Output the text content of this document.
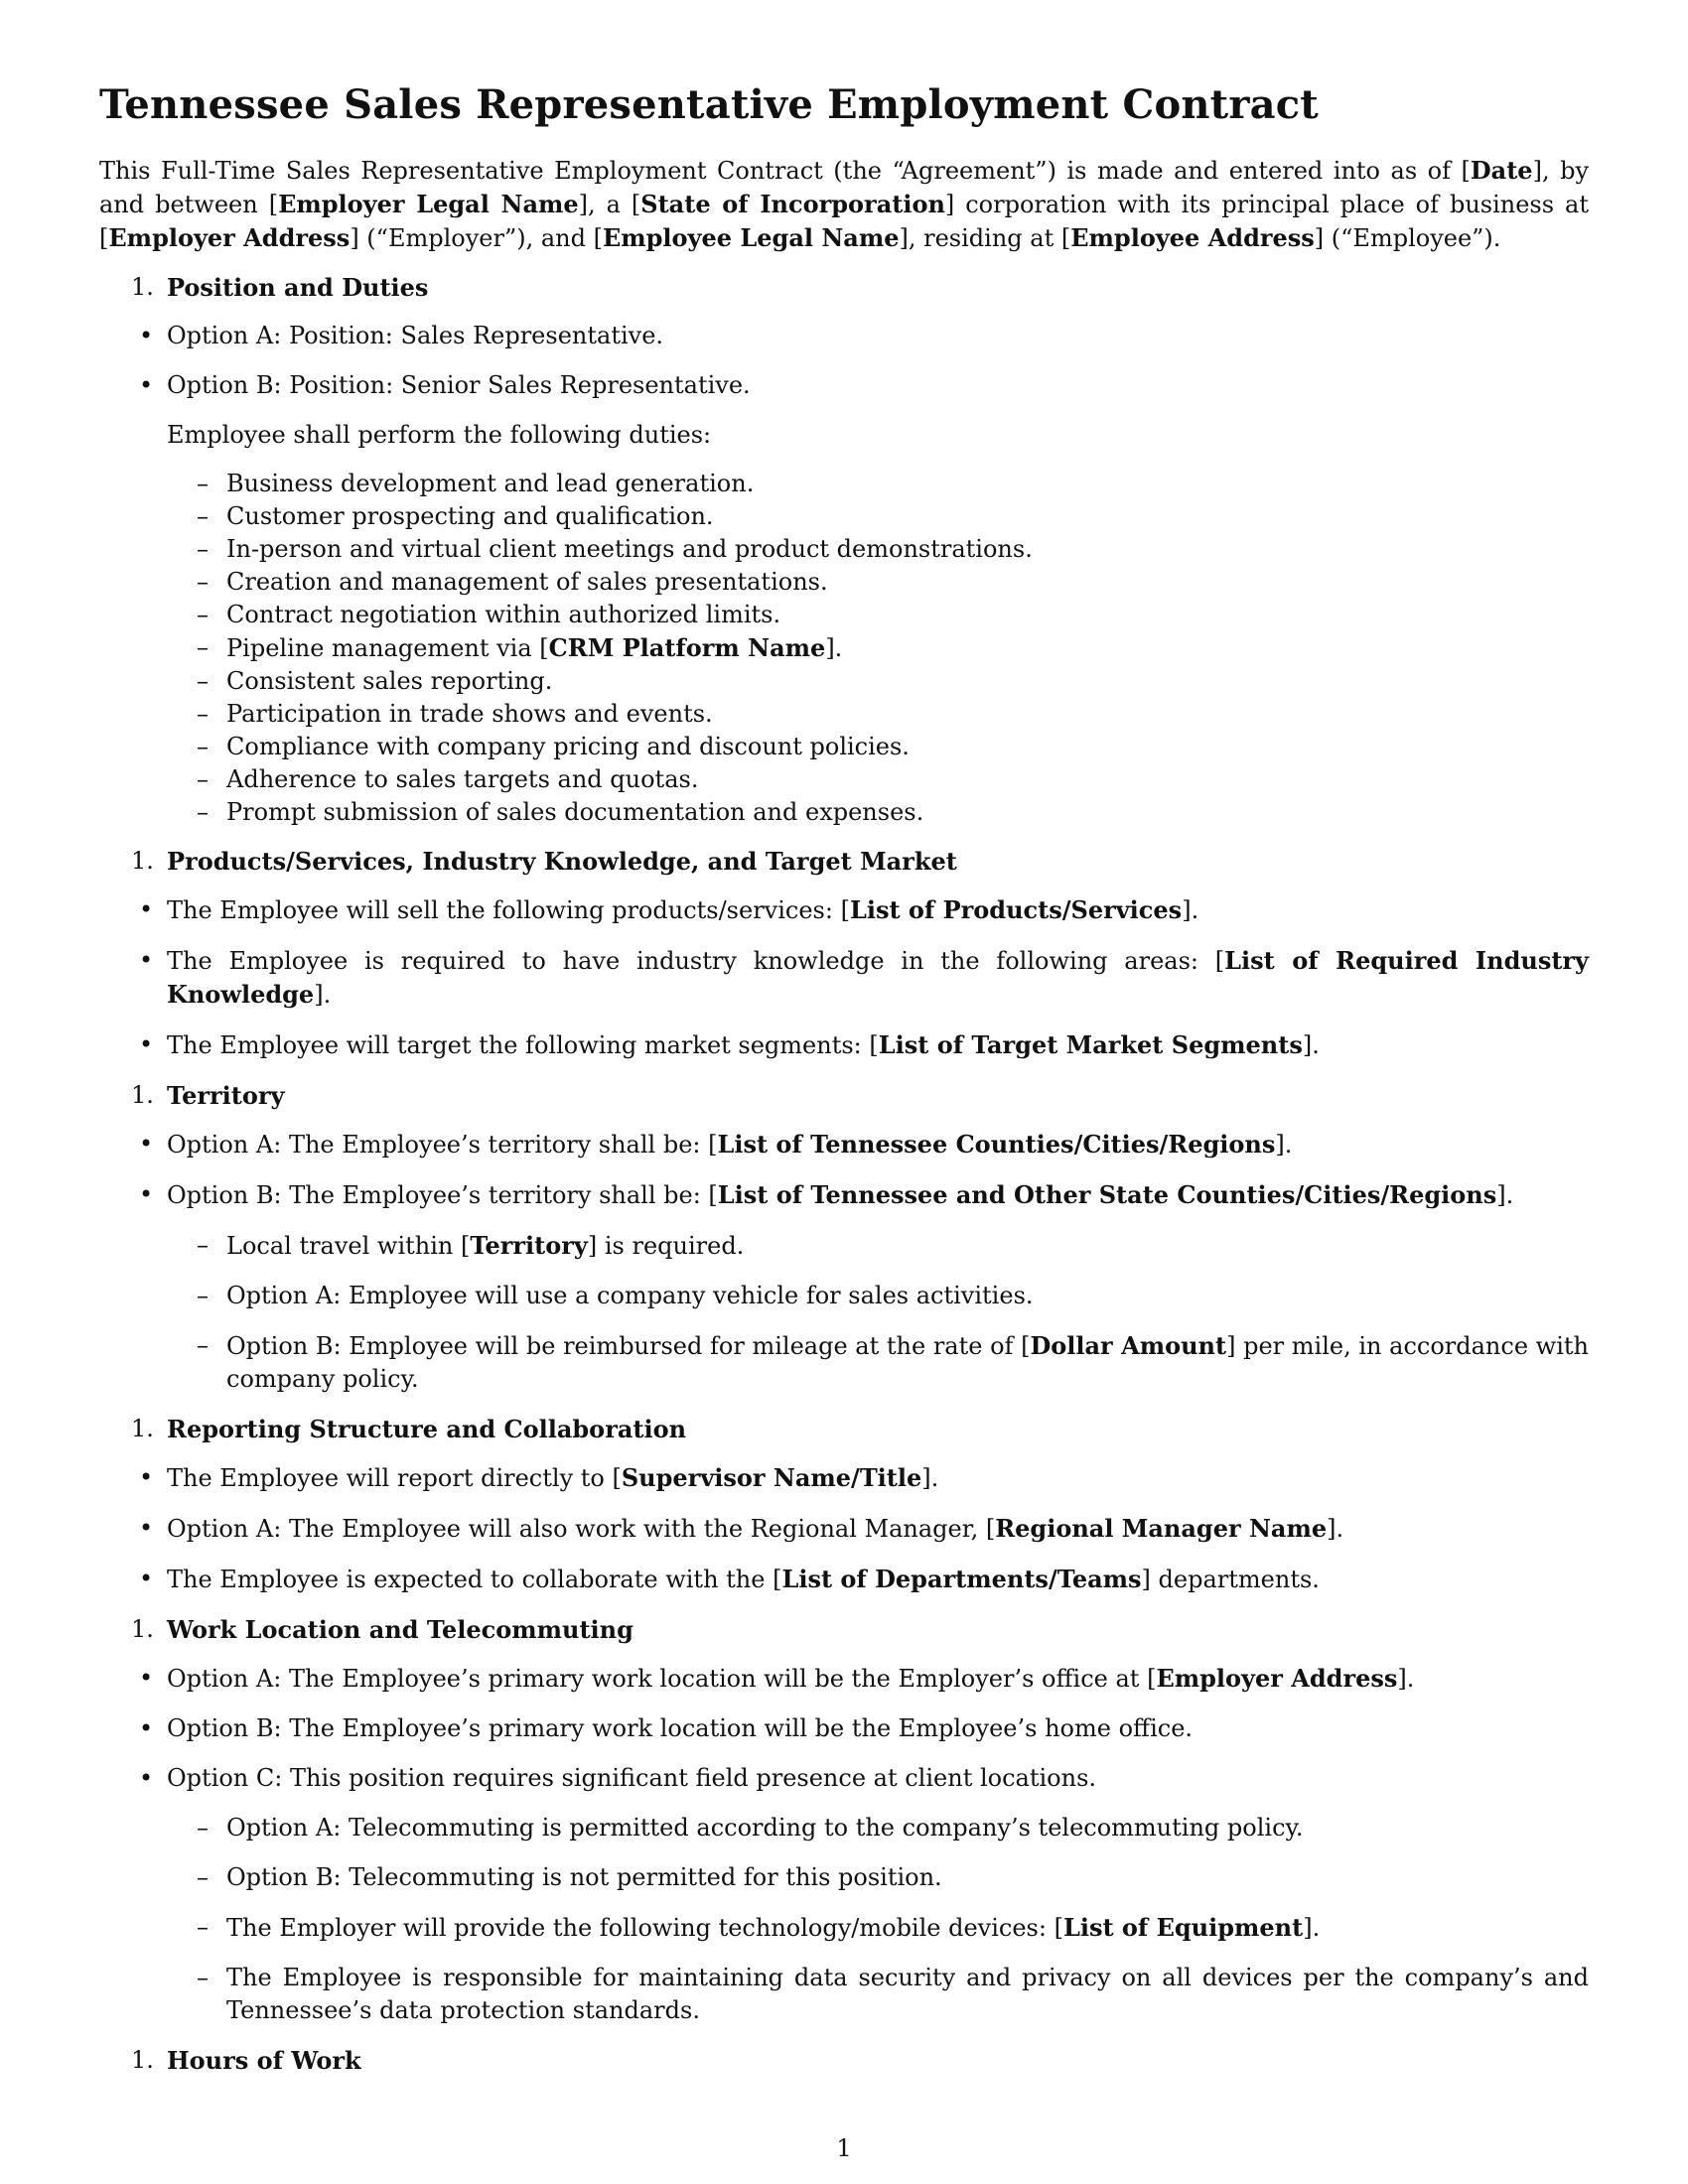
Tennessee Sales Representative Employment Contract

This Full-Time Sales Representative Employment Contract (the “Agreement”) is made and entered into as of [Date], by and between [Employer Legal Name], a [State of Incorporation] corporation with its principal place of business at [Employer Address] (“Employer”), and [Employee Legal Name], residing at [Employee Address] (“Employee”).

1. Position and Duties
• Option A: Position: Sales Representative.
• Option B: Position: Senior Sales Representative.
Employee shall perform the following duties:
– Business development and lead generation.
– Customer prospecting and qualification.
– In-person and virtual client meetings and product demonstrations.
– Creation and management of sales presentations.
– Contract negotiation within authorized limits.
– Pipeline management via [CRM Platform Name].
– Consistent sales reporting.
– Participation in trade shows and events.
– Compliance with company pricing and discount policies.
– Adherence to sales targets and quotas.
– Prompt submission of sales documentation and expenses.
1. Products/Services, Industry Knowledge, and Target Market
• The Employee will sell the following products/services: [List of Products/Services].
• The Employee is required to have industry knowledge in the following areas: [List of Required Industry Knowledge].
• The Employee will target the following market segments: [List of Target Market Segments].
1. Territory
• Option A: The Employee’s territory shall be: [List of Tennessee Counties/Cities/Regions].
• Option B: The Employee’s territory shall be: [List of Tennessee and Other State Counties/Cities/Regions].
– Local travel within [Territory] is required.
– Option A: Employee will use a company vehicle for sales activities.
– Option B: Employee will be reimbursed for mileage at the rate of [Dollar Amount] per mile, in accordance with company policy.
1. Reporting Structure and Collaboration
• The Employee will report directly to [Supervisor Name/Title].
• Option A: The Employee will also work with the Regional Manager, [Regional Manager Name].
• The Employee is expected to collaborate with the [List of Departments/Teams] departments.
1. Work Location and Telecommuting
• Option A: The Employee’s primary work location will be the Employer’s office at [Employer Address].
• Option B: The Employee’s primary work location will be the Employee’s home office.
• Option C: This position requires significant field presence at client locations.
– Option A: Telecommuting is permitted according to the company’s telecommuting policy.
– Option B: Telecommuting is not permitted for this position.
– The Employer will provide the following technology/mobile devices: [List of Equipment].
– The Employee is responsible for maintaining data security and privacy on all devices per the company’s and Tennessee’s data protection standards.
1. Hours of Work
1
